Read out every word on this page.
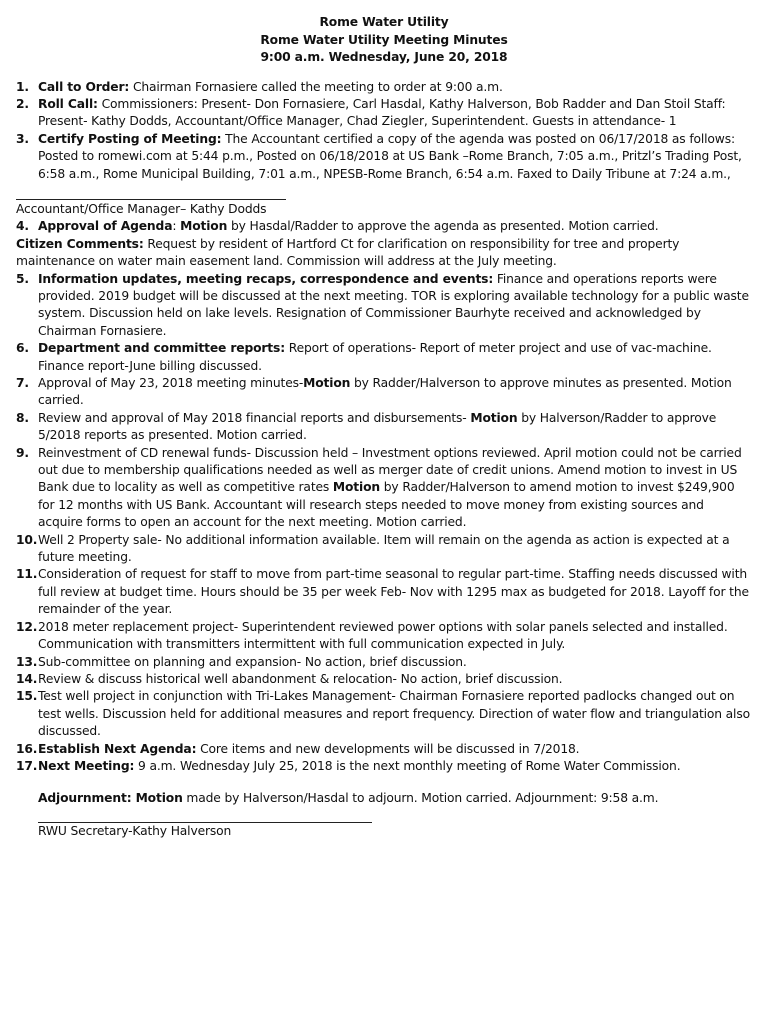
Rome Water Utility
Rome Water Utility Meeting Minutes
9:00 a.m. Wednesday, June 20, 2018
1. Call to Order: Chairman Fornasiere called the meeting to order at 9:00 a.m.
2. Roll Call: Commissioners: Present- Don Fornasiere, Carl Hasdal, Kathy Halverson, Bob Radder and Dan Stoil Staff: Present- Kathy Dodds, Accountant/Office Manager, Chad Ziegler, Superintendent. Guests in attendance- 1
3. Certify Posting of Meeting: The Accountant certified a copy of the agenda was posted on 06/17/2018 as follows: Posted to romewi.com at 5:44 p.m., Posted on 06/18/2018 at US Bank –Rome Branch, 7:05 a.m., Pritzl’s Trading Post, 6:58 a.m., Rome Municipal Building, 7:01 a.m., NPESB-Rome Branch, 6:54 a.m. Faxed to Daily Tribune at 7:24 a.m.,
Accountant/Office Manager– Kathy Dodds
4. Approval of Agenda: Motion by Hasdal/Radder to approve the agenda as presented. Motion carried.
Citizen Comments: Request by resident of Hartford Ct for clarification on responsibility for tree and property maintenance on water main easement land. Commission will address at the July meeting.
5. Information updates, meeting recaps, correspondence and events: Finance and operations reports were provided. 2019 budget will be discussed at the next meeting. TOR is exploring available technology for a public waste system. Discussion held on lake levels. Resignation of Commissioner Baurhyte received and acknowledged by Chairman Fornasiere.
6. Department and committee reports: Report of operations- Report of meter project and use of vac-machine. Finance report-June billing discussed.
7. Approval of May 23, 2018 meeting minutes-Motion by Radder/Halverson to approve minutes as presented. Motion carried.
8. Review and approval of May 2018 financial reports and disbursements- Motion by Halverson/Radder to approve 5/2018 reports as presented. Motion carried.
9. Reinvestment of CD renewal funds- Discussion held – Investment options reviewed. April motion could not be carried out due to membership qualifications needed as well as merger date of credit unions. Amend motion to invest in US Bank due to locality as well as competitive rates Motion by Radder/Halverson to amend motion to invest $249,900 for 12 months with US Bank. Accountant will research steps needed to move money from existing sources and acquire forms to open an account for the next meeting. Motion carried.
10. Well 2 Property sale- No additional information available. Item will remain on the agenda as action is expected at a future meeting.
11. Consideration of request for staff to move from part-time seasonal to regular part-time. Staffing needs discussed with full review at budget time. Hours should be 35 per week Feb- Nov with 1295 max as budgeted for 2018. Layoff for the remainder of the year.
12. 2018 meter replacement project- Superintendent reviewed power options with solar panels selected and installed. Communication with transmitters intermittent with full communication expected in July.
13. Sub-committee on planning and expansion- No action, brief discussion.
14. Review & discuss historical well abandonment & relocation- No action, brief discussion.
15. Test well project in conjunction with Tri-Lakes Management- Chairman Fornasiere reported padlocks changed out on test wells. Discussion held for additional measures and report frequency. Direction of water flow and triangulation also discussed.
16. Establish Next Agenda: Core items and new developments will be discussed in 7/2018.
17. Next Meeting: 9 a.m. Wednesday July 25, 2018 is the next monthly meeting of Rome Water Commission.
Adjournment: Motion made by Halverson/Hasdal to adjourn. Motion carried. Adjournment: 9:58 a.m.
RWU Secretary-Kathy Halverson
